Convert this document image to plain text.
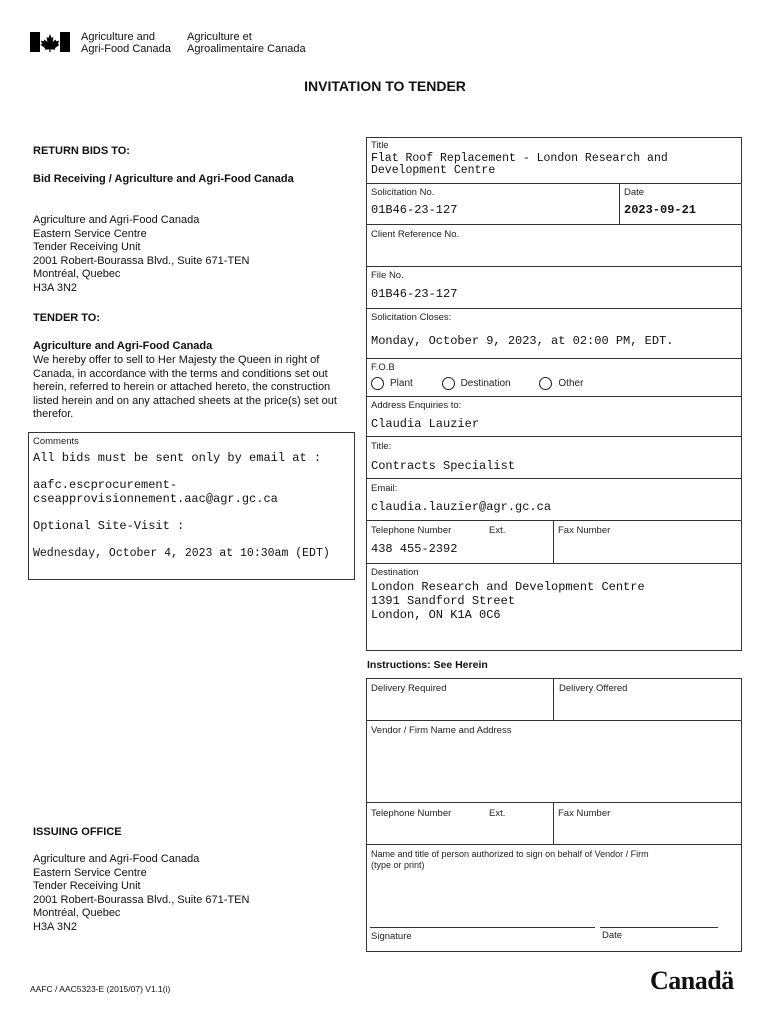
Agriculture and
Agri-Food Canada
Agriculture et
Agroalimentaire Canada
INVITATION TO TENDER
RETURN BIDS TO:
Bid Receiving / Agriculture and Agri-Food Canada
Agriculture and Agri-Food Canada
Eastern Service Centre
Tender Receiving Unit
2001 Robert-Bourassa Blvd., Suite 671-TEN
Montréal, Quebec
H3A 3N2
TENDER TO:
Agriculture and Agri-Food Canada
We hereby offer to sell to Her Majesty the Queen in right of
Canada, in accordance with the terms and conditions set out
herein, referred to herein or attached hereto, the construction
listed herein and on any attached sheets at the price(s) set out
therefor.
Comments
All bids must be sent only by email at :
aafc.escprocurement-
cseapprovisionnement.aac@agr.gc.ca
Optional Site-Visit :
Wednesday, October 4, 2023 at 10:30am (EDT)
ISSUING OFFICE
Agriculture and Agri-Food Canada
Eastern Service Centre
Tender Receiving Unit
2001 Robert-Bourassa Blvd., Suite 671-TEN
Montréal, Quebec
H3A 3N2
Title
Flat Roof Replacement - London Research and
Development Centre
Solicitation No.
01B46-23-127
Date
2023-09-21
Client Reference No.
File No.
01B46-23-127
Solicitation Closes:
Monday, October 9, 2023, at 02:00 PM, EDT.
F.O.B
Plant	Destination	Other
Address Enquiries to:
Claudia Lauzier
Title:
Contracts Specialist
Email:
claudia.lauzier@agr.gc.ca
Telephone Number	Ext.	Fax Number
438 455-2392
Destination
London Research and Development Centre
1391 Sandford Street
London, ON K1A 0C6
Instructions: See Herein
Delivery Required	Delivery Offered
Vendor / Firm Name and Address
Telephone Number	Ext.	Fax Number
Name and title of person authorized to sign on behalf of Vendor / Firm
(type or print)
Signature	Date
AAFC / AAC5323-E (2015/07) V1.1(i)	Canadä
